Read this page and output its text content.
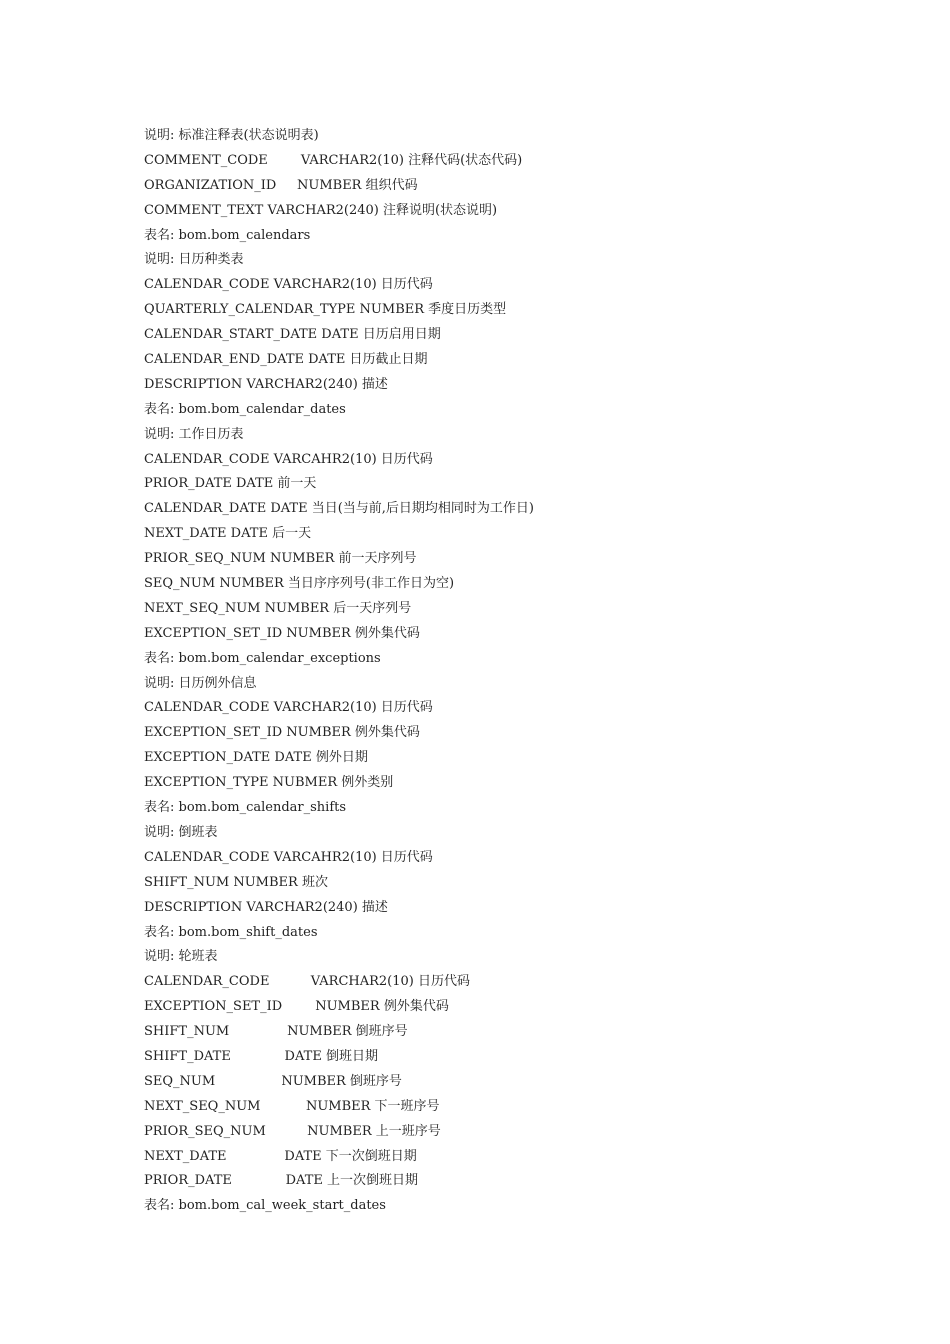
说明: 标准注释表(状态说明表)
COMMENT_CODE        VARCHAR2(10) 注释代码(状态代码)
ORGANIZATION_ID     NUMBER 组织代码
COMMENT_TEXT VARCHAR2(240) 注释说明(状态说明)
表名: bom.bom_calendars
说明: 日历种类表
CALENDAR_CODE VARCHAR2(10) 日历代码
QUARTERLY_CALENDAR_TYPE NUMBER 季度日历类型
CALENDAR_START_DATE DATE 日历启用日期
CALENDAR_END_DATE DATE 日历截止日期
DESCRIPTION VARCHAR2(240) 描述
表名: bom.bom_calendar_dates
说明: 工作日历表
CALENDAR_CODE VARCAHR2(10) 日历代码
PRIOR_DATE DATE 前一天
CALENDAR_DATE DATE 当日(当与前,后日期均相同时为工作日)
NEXT_DATE DATE 后一天
PRIOR_SEQ_NUM NUMBER 前一天序列号
SEQ_NUM NUMBER 当日序序列号(非工作日为空)
NEXT_SEQ_NUM NUMBER 后一天序列号
EXCEPTION_SET_ID NUMBER 例外集代码
表名: bom.bom_calendar_exceptions
说明: 日历例外信息
CALENDAR_CODE VARCHAR2(10) 日历代码
EXCEPTION_SET_ID NUMBER 例外集代码
EXCEPTION_DATE DATE 例外日期
EXCEPTION_TYPE NUBMER 例外类别
表名: bom.bom_calendar_shifts
说明: 倒班表
CALENDAR_CODE VARCAHR2(10) 日历代码
SHIFT_NUM NUMBER 班次
DESCRIPTION VARCHAR2(240) 描述
表名: bom.bom_shift_dates
说明: 轮班表
CALENDAR_CODE          VARCHAR2(10) 日历代码
EXCEPTION_SET_ID        NUMBER 例外集代码
SHIFT_NUM              NUMBER 倒班序号
SHIFT_DATE             DATE 倒班日期
SEQ_NUM                NUMBER 倒班序号
NEXT_SEQ_NUM           NUMBER 下一班序号
PRIOR_SEQ_NUM          NUMBER 上一班序号
NEXT_DATE              DATE 下一次倒班日期
PRIOR_DATE             DATE 上一次倒班日期
表名: bom.bom_cal_week_start_dates
